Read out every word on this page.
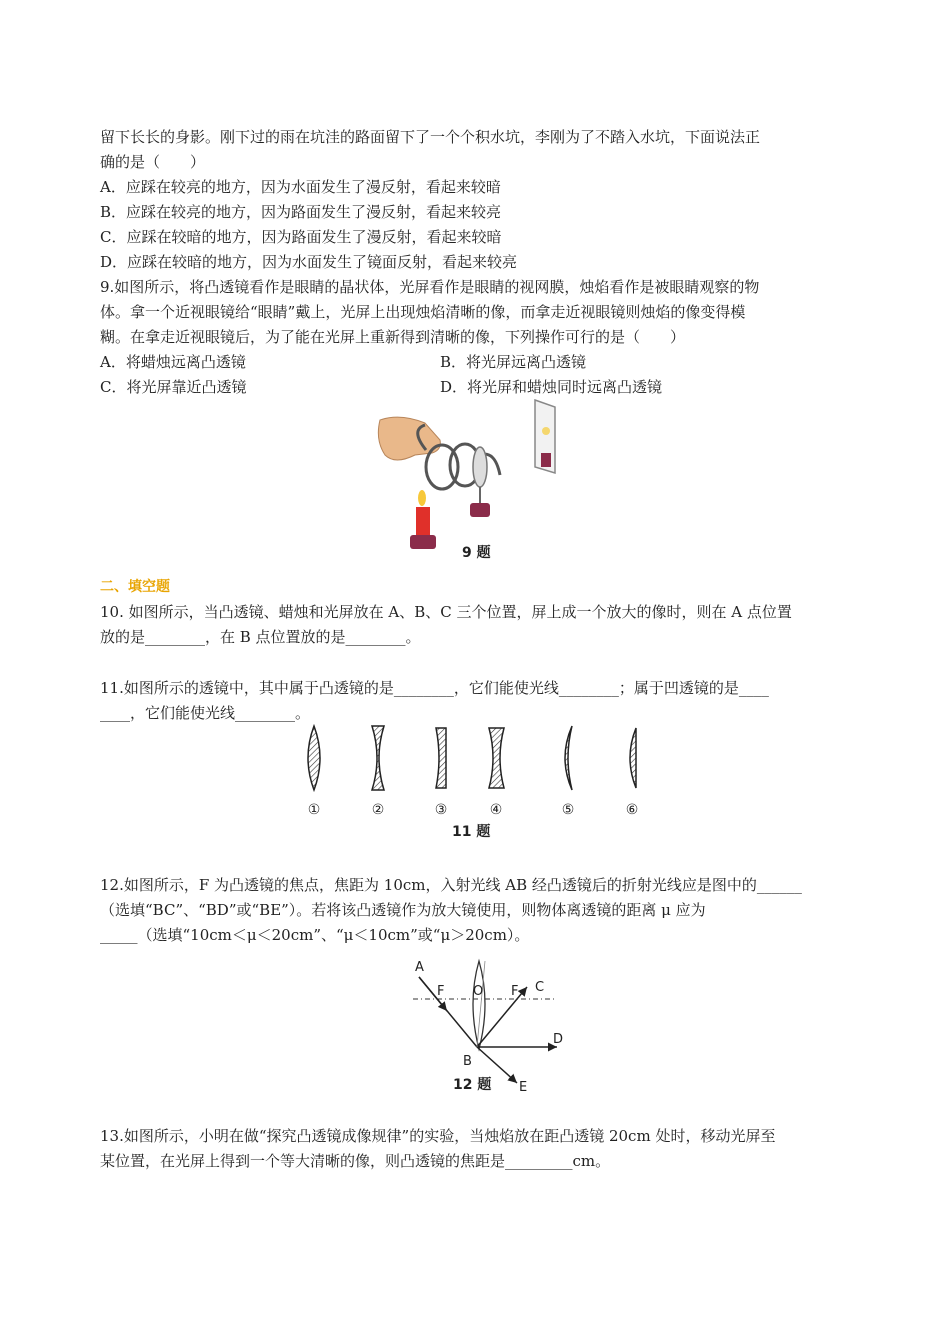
留下长长的身影。刚下过的雨在坑洼的路面留下了一个个积水坑，李刚为了不踏入水坑，下面说法正
确的是（　　）
A．应踩在较亮的地方，因为水面发生了漫反射，看起来较暗
B．应踩在较亮的地方，因为路面发生了漫反射，看起来较亮
C．应踩在较暗的地方，因为路面发生了漫反射，看起来较暗
D．应踩在较暗的地方，因为水面发生了镜面反射，看起来较亮
9.如图所示，将凸透镜看作是眼睛的晶状体，光屏看作是眼睛的视网膜，烛焰看作是被眼睛观察的物
体。拿一个近视眼镜给“眼睛”戴上，光屏上出现烛焰清晰的像，而拿走近视眼镜则烛焰的像变得模
糊。在拿走近视眼镜后，为了能在光屏上重新得到清晰的像，下列操作可行的是（　　）
A．将蜡烛远离凸透镜	B．将光屏远离凸透镜
C．将光屏靠近凸透镜	D．将光屏和蜡烛同时远离凸透镜
9 题
二、填空题
10. 如图所示，当凸透镜、蜡烛和光屏放在 A、B、C 三个位置，屏上成一个放大的像时，则在 A 点位置
放的是________，在 B 点位置放的是________。
11.如图所示的透镜中，其中属于凸透镜的是________，它们能使光线________；属于凹透镜的是____
____，它们能使光线________。
①	②	③	④	⑤	⑥
11 题
12.如图所示，F 为凸透镜的焦点，焦距为 10cm，入射光线 AB 经凸透镜后的折射光线应是图中的______
（选填“BC”、“BD”或“BE”）。若将该凸透镜作为放大镜使用，则物体离透镜的距离 μ 应为
_____（选填“10cm＜μ＜20cm”、“μ＜10cm”或“μ＞20cm）。
A
F O F C
D
B
E
12 题
13.如图所示，小明在做“探究凸透镜成像规律”的实验，当烛焰放在距凸透镜 20cm 处时，移动光屏至
某位置，在光屏上得到一个等大清晰的像，则凸透镜的焦距是_________cm。
